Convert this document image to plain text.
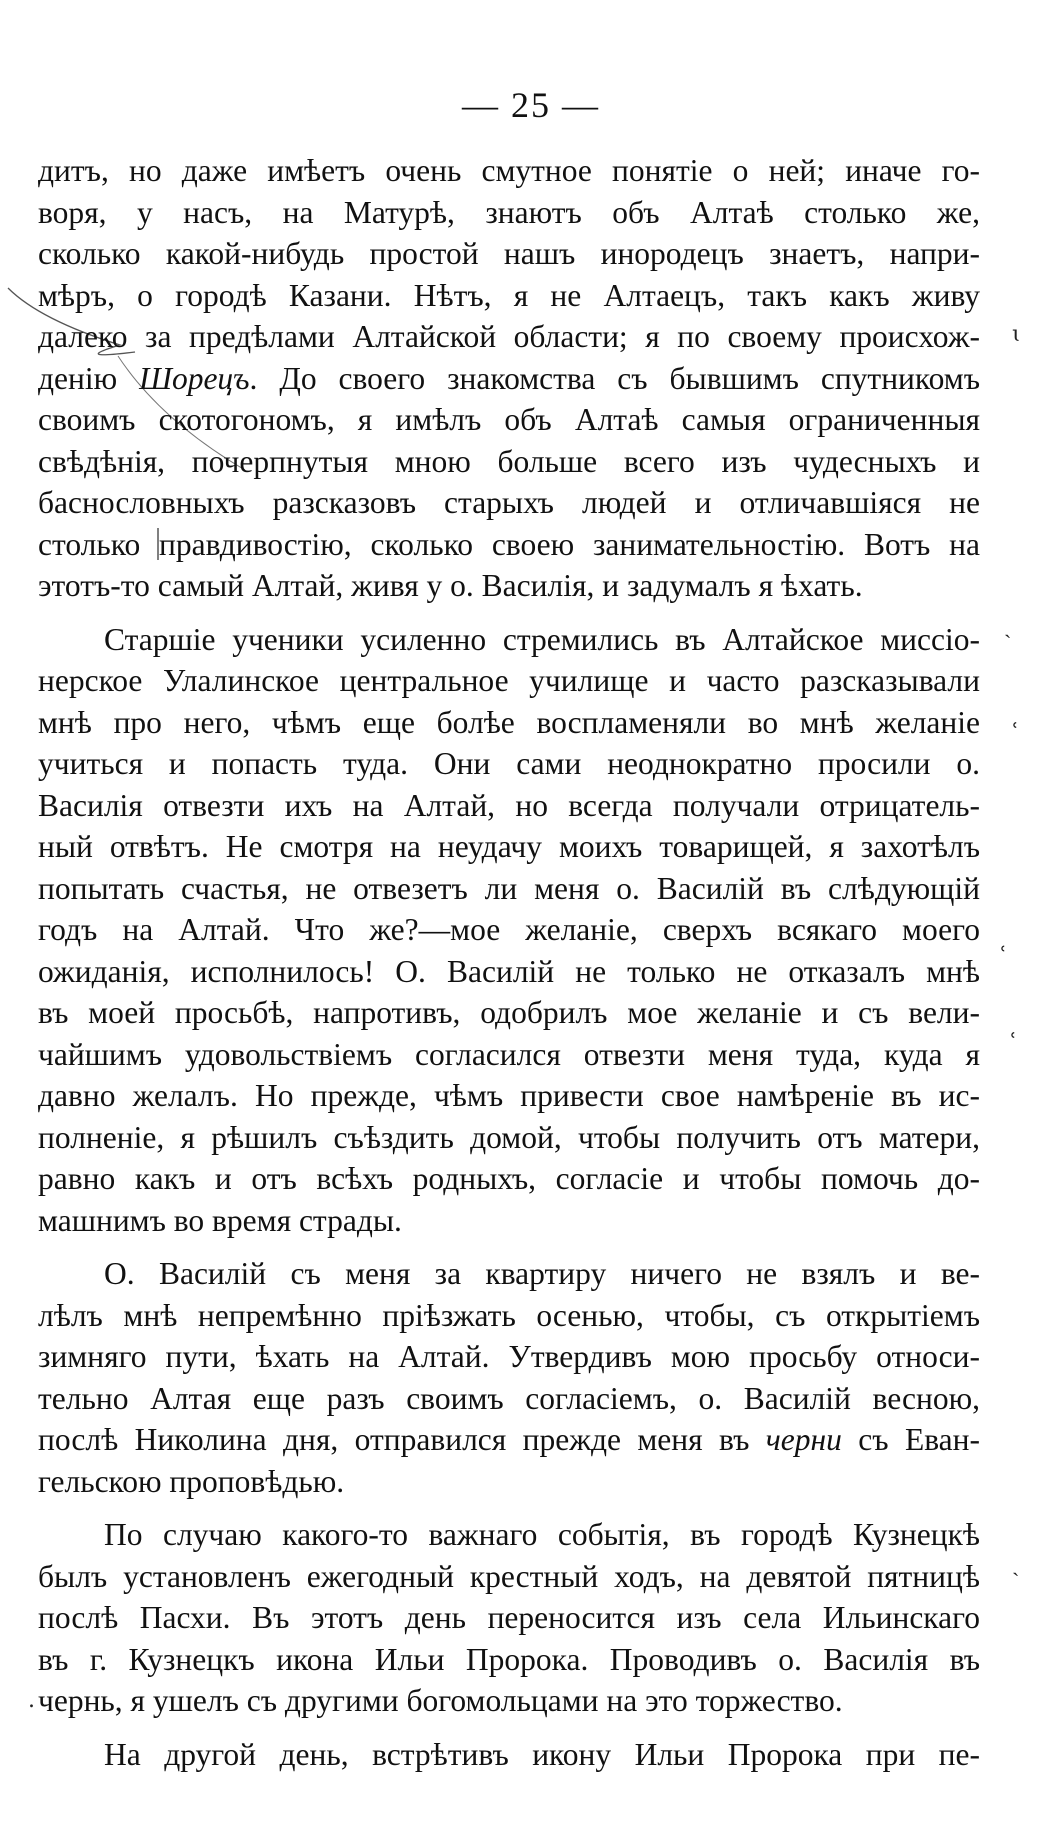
— 25 —
дитъ, но даже имѣетъ очень смутное понятіе о ней; иначе го-
воря, у насъ, на Матурѣ, знаютъ объ Алтаѣ столько же,
сколько какой-нибудь простой нашъ инородецъ знаетъ, напри-
мѣръ, о городѣ Казани. Нѣтъ, я не Алтаецъ, такъ какъ живу
далеко за предѣлами Алтайской области; я по своему происхож-
денію Шорецъ. До своего знакомства съ бывшимъ спутникомъ
своимъ скотогономъ, я имѣлъ объ Алтаѣ самыя ограниченныя
свѣдѣнія, почерпнутыя мною больше всего изъ чудесныхъ и
баснословныхъ разсказовъ старыхъ людей и отличавшіяся не
столько правдивостію, сколько своею занимательностію. Вотъ на
этотъ-то самый Алтай, живя у о. Василія, и задумалъ я ѣхать.
Старшіе ученики усиленно стремились въ Алтайское миссіо-
нерское Улалинское центральное училище и часто разсказывали
мнѣ про него, чѣмъ еще болѣе воспламеняли во мнѣ желаніе
учиться и попасть туда. Они сами неоднократно просили о.
Василія отвезти ихъ на Алтай, но всегда получали отрицатель-
ный отвѣтъ. Не смотря на неудачу моихъ товарищей, я захотѣлъ
попытать счастья, не отвезетъ ли меня о. Василій въ слѣдующій
годъ на Алтай. Что же?—мое желаніе, сверхъ всякаго моего
ожиданія, исполнилось! О. Василій не только не отказалъ мнѣ
въ моей просьбѣ, напротивъ, одобрилъ мое желаніе и съ вели-
чайшимъ удовольствіемъ согласился отвезти меня туда, куда я
давно желалъ. Но прежде, чѣмъ привести свое намѣреніе въ ис-
полненіе, я рѣшилъ съѣздить домой, чтобы получить отъ матери,
равно какъ и отъ всѣхъ родныхъ, согласіе и чтобы помочь до-
машнимъ во время страды.
О. Василій съ меня за квартиру ничего не взялъ и ве-
лѣлъ мнѣ непремѣнно пріѣзжать осенью, чтобы, съ открытіемъ
зимняго пути, ѣхать на Алтай. Утвердивъ мою просьбу относи-
тельно Алтая еще разъ своимъ согласіемъ, о. Василій весною,
послѣ Николина дня, отправился прежде меня въ черни съ Еван-
гельскою проповѣдью.
По случаю какого-то важнаго событія, въ городѣ Кузнецкѣ
былъ установленъ ежегодный крестный ходъ, на девятой пятницѣ
послѣ Пасхи. Въ этотъ день переносится изъ села Ильинскаго
въ г. Кузнецкъ икона Ильи Пророка. Проводивъ о. Василія въ
чернь, я ушелъ съ другими богомольцами на это торжество.
На другой день, встрѣтивъ икону Ильи Пророка при пе-
ɩ
˴
ʿ
˓
ʿ
˴
.
